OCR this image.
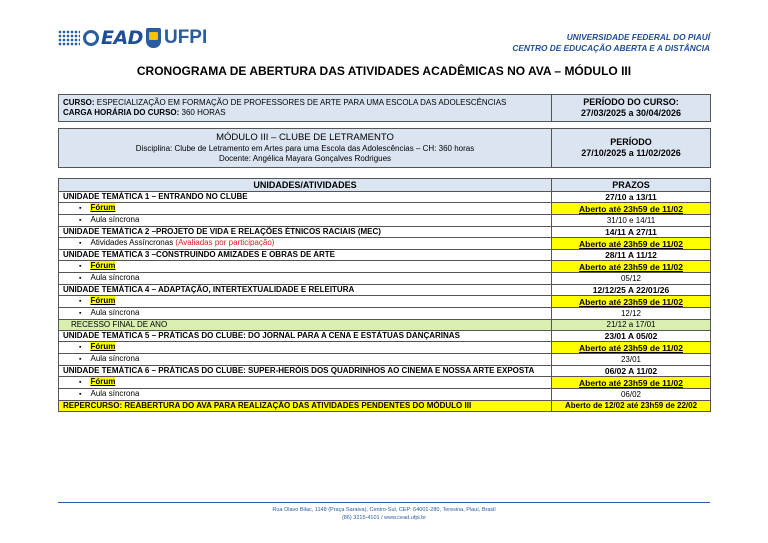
EAD UFPI	UNIVERSIDADE FEDERAL DO PIAUÍ
CENTRO DE EDUCAÇÃO ABERTA E A DISTÂNCIA
CRONOGRAMA DE ABERTURA DAS ATIVIDADES ACADÊMICAS NO AVA – MÓDULO III
CURSO: ESPECIALIZAÇÃO EM FORMAÇÃO DE PROFESSORES DE ARTE PARA UMA ESCOLA DAS ADOLESCÊNCIAS
CARGA HORÁRIA DO CURSO: 360 HORAS

PERÍODO DO CURSO:
27/03/2025 a 30/04/2026
MÓDULO III – CLUBE DE LETRAMENTO
Disciplina: Clube de Letramento em Artes para uma Escola das Adolescências – CH: 360 horas
Docente: Angélica Mayara Gonçalves Rodrigues

PERÍODO
27/10/2025 a 11/02/2026
UNIDADES/ATIVIDADES	PRAZOS
UNIDADE TEMÁTICA 1 – ENTRANDO NO CLUBE	27/10 a 13/11
▪ Fórum	Aberto até 23h59 de 11/02
▪ Aula síncrona	31/10 e 14/11
UNIDADE TEMÁTICA 2 –PROJETO DE VIDA E RELAÇÕES ÉTNICOS RACIAIS (MEC)	14/11 A 27/11
▪ Atividades Assíncronas (Avaliadas por participação)	Aberto até 23h59 de 11/02
UNIDADE TEMÁTICA 3 –CONSTRUINDO AMIZADES E OBRAS DE ARTE	28/11 A 11/12
▪ Fórum	Aberto até 23h59 de 11/02
▪ Aula síncrona	05/12
UNIDADE TEMÁTICA 4 – ADAPTAÇÃO, INTERTEXTUALIDADE E RELEITURA	12/12/25 A 22/01/26
▪ Fórum	Aberto até 23h59 de 11/02
▪ Aula síncrona	12/12
RECESSO FINAL DE ANO	21/12 a 17/01
UNIDADE TEMÁTICA 5 – PRÁTICAS DO CLUBE: DO JORNAL PARA A CENA E ESTÁTUAS DANÇARINAS	23/01 A 05/02
▪ Fórum	Aberto até 23h59 de 11/02
▪ Aula síncrona	23/01
UNIDADE TEMÁTICA 6 – PRÁTICAS DO CLUBE: SUPER-HERÓIS DOS QUADRINHOS AO CINEMA E NOSSA ARTE EXPOSTA	06/02 A 11/02
▪ Fórum	Aberto até 23h59 de 11/02
▪ Aula síncrona	06/02
REPERCURSO: REABERTURA DO AVA PARA REALIZAÇÃO DAS ATIVIDADES PENDENTES DO MÓDULO III	Aberto de 12/02 até 23h59 de 22/02
Rua Olavo Bilac, 1148 (Praça Saraiva), Centro-Sul, CEP: 64001-280, Teresina, Piauí, Brasil
(86) 3215-4101 / www.cead.ufpi.br
